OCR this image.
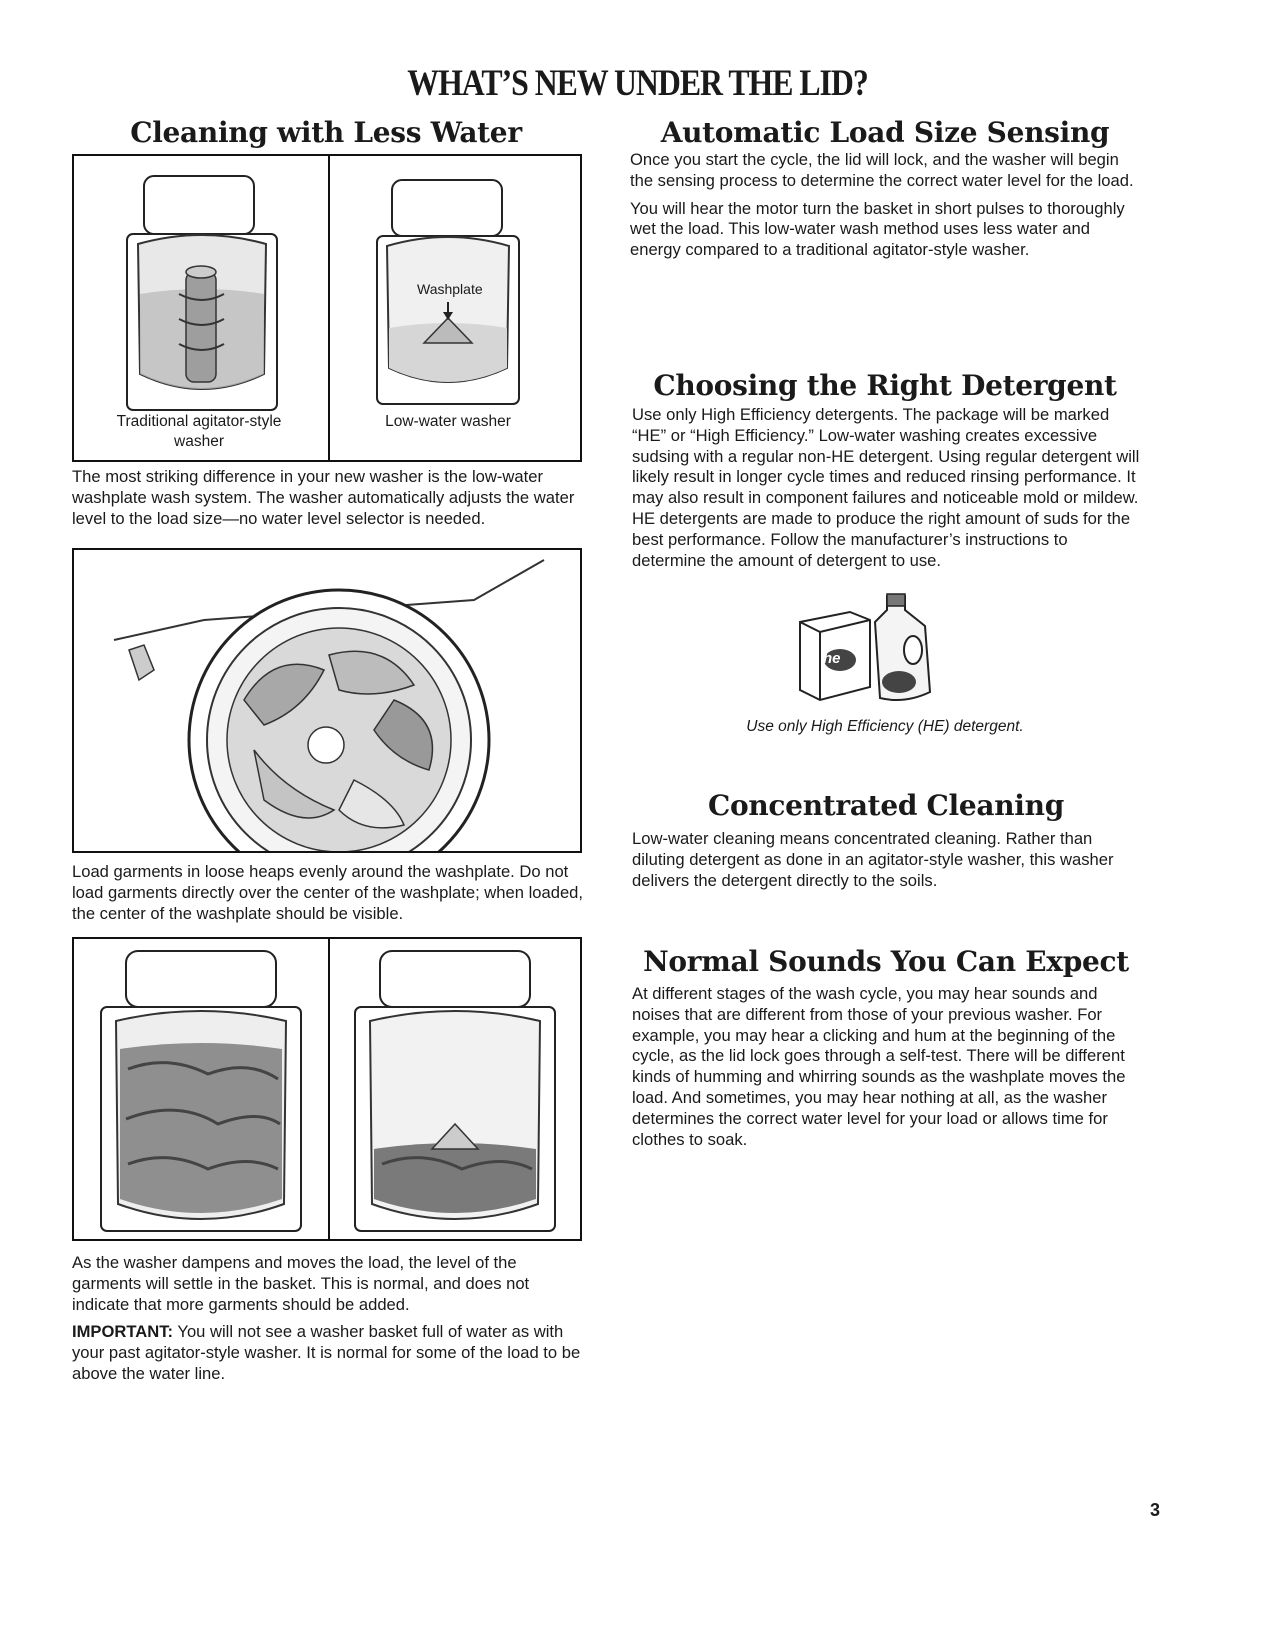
WHAT’S NEW UNDER THE LID?
Cleaning with Less Water
Washplate
Traditional agitator-style washer
Low-water washer

The most striking difference in your new washer is the low-water washplate wash system. The washer automatically adjusts the water level to the load size—no water level selector is needed.

Load garments in loose heaps evenly around the washplate. Do not load garments directly over the center of the washplate; when loaded, the center of the washplate should be visible.

As the washer dampens and moves the load, the level of the garments will settle in the basket. This is normal, and does not indicate that more garments should be added.

IMPORTANT: You will not see a washer basket full of water as with your past agitator-style washer. It is normal for some of the load to be above the water line.

Automatic Load Size Sensing

Once you start the cycle, the lid will lock, and the washer will begin the sensing process to determine the correct water level for the load.

You will hear the motor turn the basket in short pulses to thoroughly wet the load. This low-water wash method uses less water and energy compared to a traditional agitator-style washer.

Choosing the Right Detergent

Use only High Efficiency detergents. The package will be marked “HE” or “High Efficiency.” Low-water washing creates excessive sudsing with a regular non-HE detergent. Using regular detergent will likely result in longer cycle times and reduced rinsing performance. It may also result in component failures and noticeable mold or mildew. HE detergents are made to produce the right amount of suds for the best performance. Follow the manufacturer’s instructions to determine the amount of detergent to use.

he
Use only High Efficiency (HE) detergent.
Concentrated Cleaning

Low-water cleaning means concentrated cleaning. Rather than diluting detergent as done in an agitator-style washer, this washer delivers the detergent directly to the soils.

Normal Sounds You Can Expect

At different stages of the wash cycle, you may hear sounds and noises that are different from those of your previous washer. For example, you may hear a clicking and hum at the beginning of the cycle, as the lid lock goes through a self-test. There will be different kinds of humming and whirring sounds as the washplate moves the load. And sometimes, you may hear nothing at all, as the washer determines the correct water level for your load or allows time for clothes to soak.

3
